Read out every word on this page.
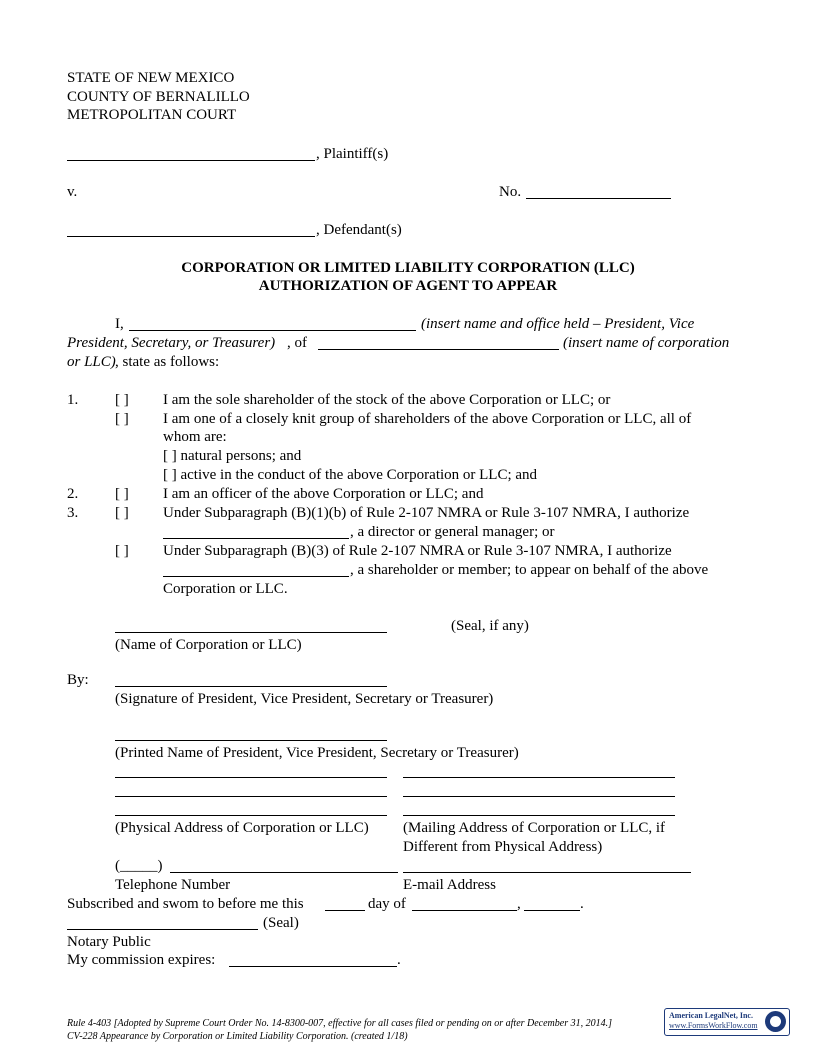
STATE OF NEW MEXICO
COUNTY OF BERNALILLO
METROPOLITAN COURT
, Plaintiff(s)
v.	No.
, Defendant(s)
CORPORATION OR LIMITED LIABILITY CORPORATION (LLC)
AUTHORIZATION OF AGENT TO APPEAR
I,	(insert name and office held – President, Vice
President, Secretary, or Treasurer) , of	(insert name of corporation
or LLC) , state as follows:
1. [ ] I am the sole shareholder of the stock of the above Corporation or LLC; or
[ ] I am one of a closely knit group of shareholders of the above Corporation or LLC, all of
whom are:
[ ] natural persons; and
[ ] active in the conduct of the above Corporation or LLC; and
2. [ ] I am an officer of the above Corporation or LLC; and
3. [ ] Under Subparagraph (B)(1)(b) of Rule 2-107 NMRA or Rule 3-107 NMRA, I authorize
, a director or general manager; or
[ ] Under Subparagraph (B)(3) of Rule 2-107 NMRA or Rule 3-107 NMRA, I authorize
, a shareholder or member; to appear on behalf of the above
Corporation or LLC.
(Seal, if any)
(Name of Corporation or LLC)
By:
(Signature of President, Vice President, Secretary or Treasurer)
(Printed Name of President, Vice President, Secretary or Treasurer)
(Physical Address of Corporation or LLC) (Mailing Address of Corporation or LLC, if
Different from Physical Address)
(_____)
Telephone Number	E-mail Address
Subscribed and swom to before me this	day of	,	.
(Seal)
Notary Public
My commission expires:	.
Rule 4-403 [Adopted by Supreme Court Order No. 14-8300-007, effective for all cases filed or pending on or after December 31, 2014.]
CV-228 Appearance by Corporation or Limited Liability Corporation. (created 1/18)
American LegalNet, Inc.
www.FormsWorkFlow.com
